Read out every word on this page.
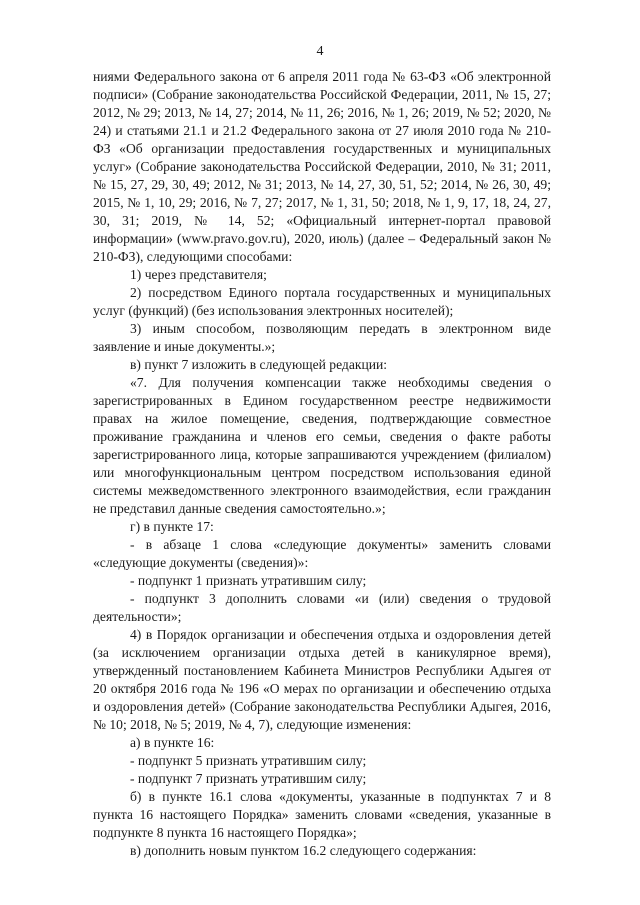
4

ниями Федерального закона от 6 апреля 2011 года № 63-ФЗ «Об электронной подписи» (Собрание законодательства Российской Федерации, 2011, № 15, 27; 2012, № 29; 2013, № 14, 27; 2014, № 11, 26; 2016, № 1, 26; 2019, № 52; 2020, № 24) и статьями 21.1 и 21.2 Федерального закона от 27 июля 2010 года № 210-ФЗ «Об организации предоставления государственных и муниципальных услуг» (Собрание законодательства Российской Федерации, 2010, № 31; 2011, № 15, 27, 29, 30, 49; 2012, № 31; 2013, № 14, 27, 30, 51, 52; 2014, № 26, 30, 49; 2015, № 1, 10, 29; 2016, № 7, 27; 2017, № 1, 31, 50; 2018, № 1, 9, 17, 18, 24, 27, 30, 31; 2019, № 14, 52; «Официальный интернет-портал правовой информации» (www.pravo.gov.ru), 2020, июль) (далее – Федеральный закон № 210-ФЗ), следующими способами:

1) через представителя;

2) посредством Единого портала государственных и муниципальных услуг (функций) (без использования электронных носителей);

3) иным способом, позволяющим передать в электронном виде заявление и иные документы.»;

в) пункт 7 изложить в следующей редакции:

«7. Для получения компенсации также необходимы сведения о зарегистрированных в Едином государственном реестре недвижимости правах на жилое помещение, сведения, подтверждающие совместное проживание гражданина и членов его семьи, сведения о факте работы зарегистрированного лица, которые запрашиваются учреждением (филиалом) или многофункциональным центром посредством использования единой системы межведомственного электронного взаимодействия, если гражданин не представил данные сведения самостоятельно.»;

г) в пункте 17:

- в абзаце 1 слова «следующие документы» заменить словами «следующие документы (сведения)»:

- подпункт 1 признать утратившим силу;

- подпункт 3 дополнить словами «и (или) сведения о трудовой деятельности»;

4) в Порядок организации и обеспечения отдыха и оздоровления детей (за исключением организации отдыха детей в каникулярное время), утвержденный постановлением Кабинета Министров Республики Адыгея от 20 октября 2016 года № 196 «О мерах по организации и обеспечению отдыха и оздоровления детей» (Собрание законодательства Республики Адыгея, 2016, № 10; 2018, № 5; 2019, № 4, 7), следующие изменения:

а) в пункте 16:

- подпункт 5 признать утратившим силу;

- подпункт 7 признать утратившим силу;

б) в пункте 16.1 слова «документы, указанные в подпунктах 7 и 8 пункта 16 настоящего Порядка» заменить словами «сведения, указанные в подпункте 8 пункта 16 настоящего Порядка»;

в) дополнить новым пунктом 16.2 следующего содержания:
